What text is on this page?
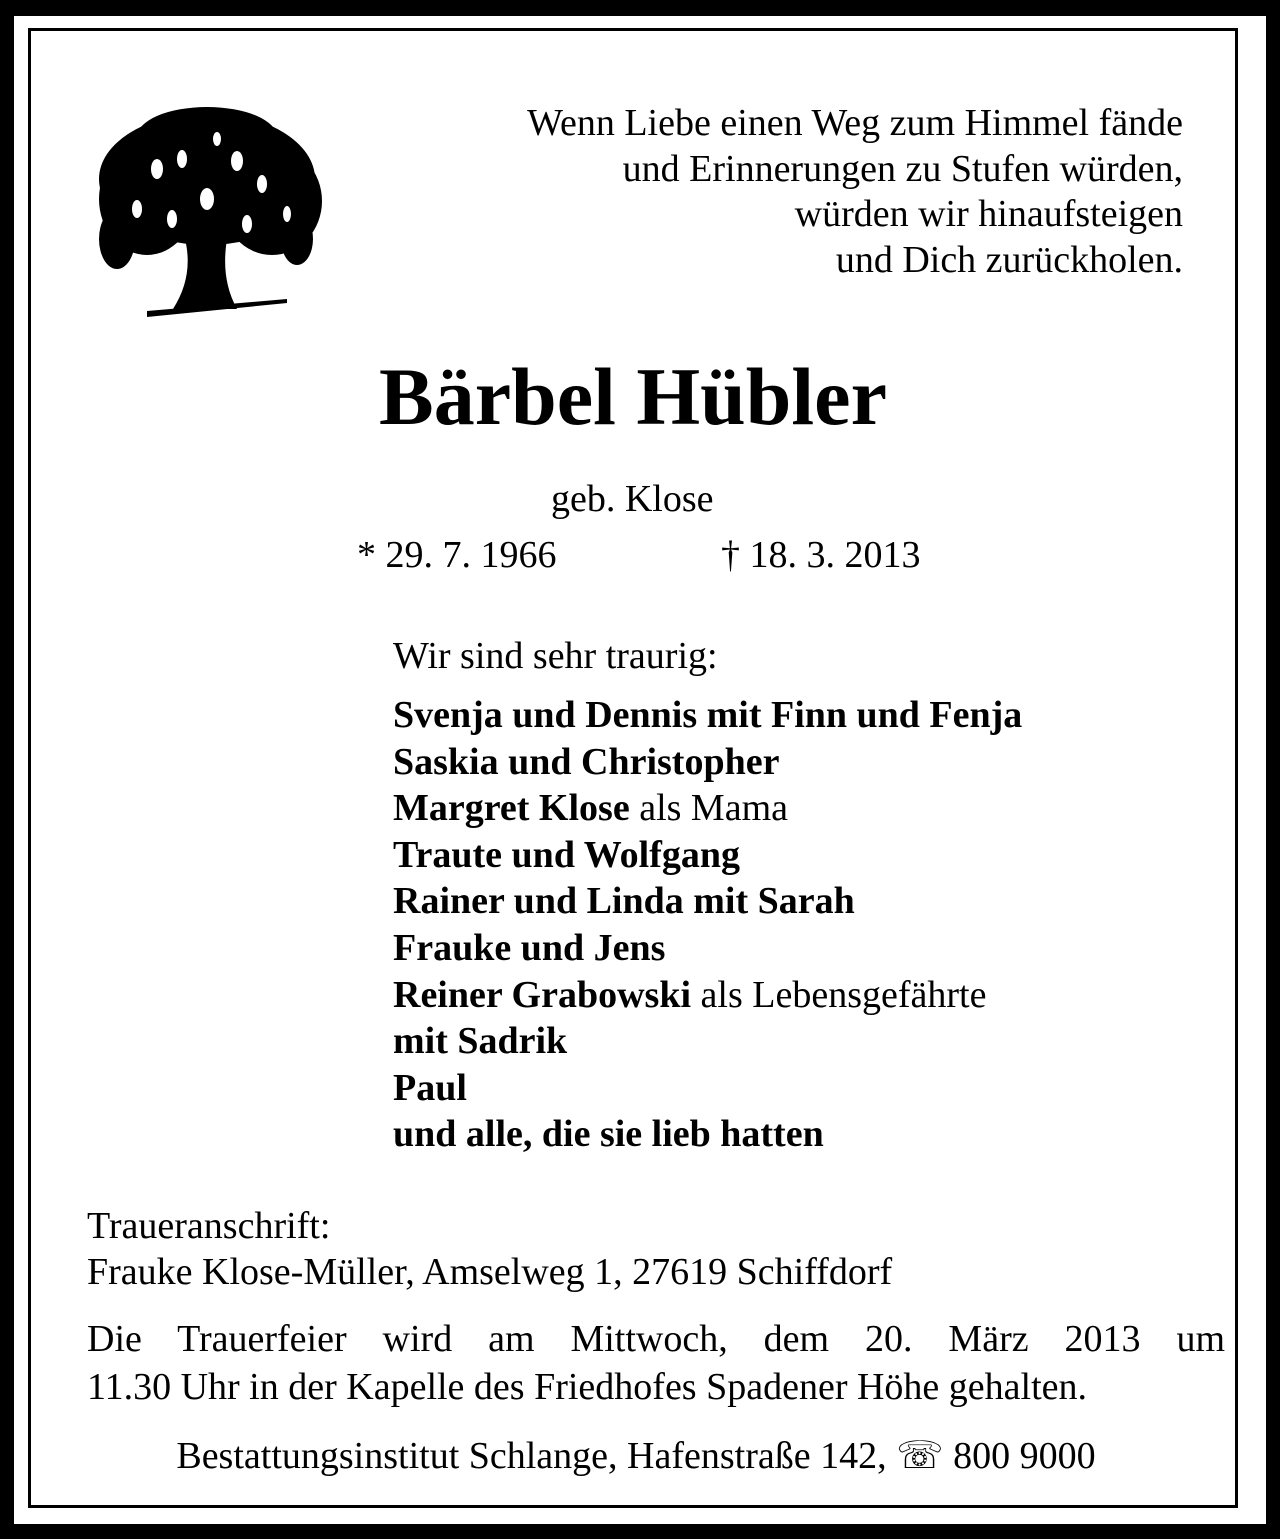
Wenn Liebe einen Weg zum Himmel fände
und Erinnerungen zu Stufen würden,
würden wir hinaufsteigen
und Dich zurückholen.
Bärbel Hübler
geb. Klose
* 29. 7. 1966	† 18. 3. 2013
Wir sind sehr traurig:
Svenja und Dennis mit Finn und Fenja
Saskia und Christopher
Margret Klose als Mama
Traute und Wolfgang
Rainer und Linda mit Sarah
Frauke und Jens
Reiner Grabowski als Lebensgefährte
mit Sadrik
Paul
und alle, die sie lieb hatten
Traueranschrift:
Frauke Klose-Müller, Amselweg 1, 27619 Schiffdorf
Die Trauerfeier wird am Mittwoch, dem 20. März 2013 um
11.30 Uhr in der Kapelle des Friedhofes Spadener Höhe gehalten.
Bestattungsinstitut Schlange, Hafenstraße 142, ☏ 800 9000
